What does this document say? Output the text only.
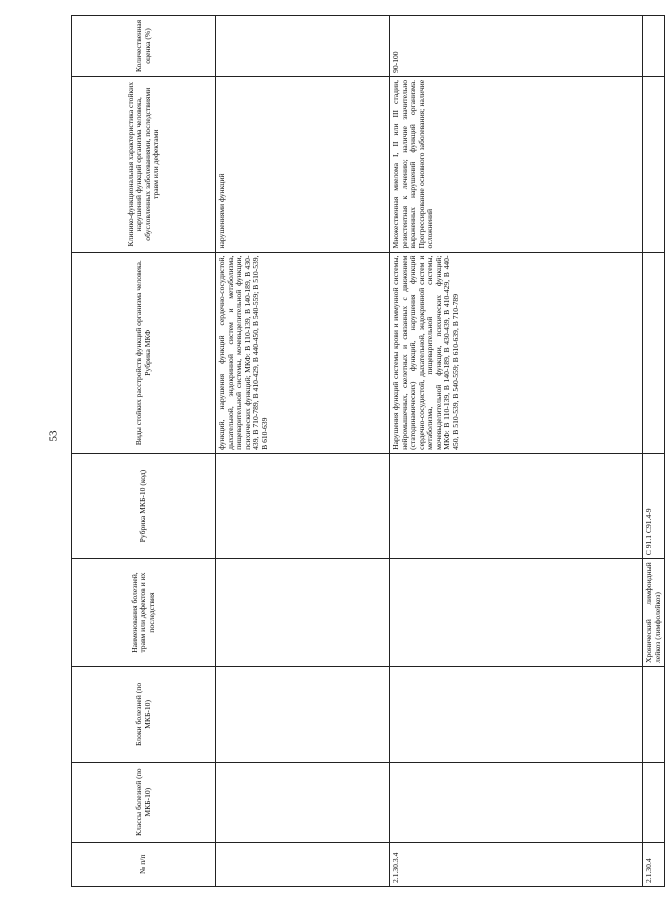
53
№ п/п	Классы болезней (по МКБ-10)	Блоки болезней (по МКБ-10)	Наименования болезней, травм или дефектов и их последствия	Рубрика МКБ-10 (код)	Виды стойких расстройств функций организма человека. Рубрика МКФ	Клинико-функциональная характеристика стойких нарушений функций организма человека, обусловленных заболеваниями, последствиями травм или дефектами	Количественная оценка (%)
					функций, нарушения функций сердечно-сосудистой, дыхательной, эндокринной систем и метаболизма, пищеварительной системы, мочевыделительной функции, психических функций; МКФ: B 110-139, B 140-189, B 430-439, B 710-789, B 410-429, B 440-450, B 540-559; B 510-539, B 610-639	нарушениями функций	
2.1.30.3.4					Нарушения функций системы крови и иммунной системы, нейромышечных, скелетных и связанных с движением (статодинамических) функций, нарушения функций сердечно-сосудистой, дыхательной, эндокринной систем и метаболизма, пищеварительной системы, мочевыделительной функции, психических функций; МКФ: B 110-139, B 140-189, B 430-439, B 410-429, B 440-450, B 510-539, B 540-559; B 610-639, B 710-789	Множественная миелома I, II или III стадии, резистентная к лечению; наличие значительно выраженных нарушений функций организма. Прогрессирование основного заболевания; наличие осложнений	90-100
2.1.30.4			Хронический лимфоидный лейкоз (лимфолейкоз)	C 91.1 C91.4-9			
